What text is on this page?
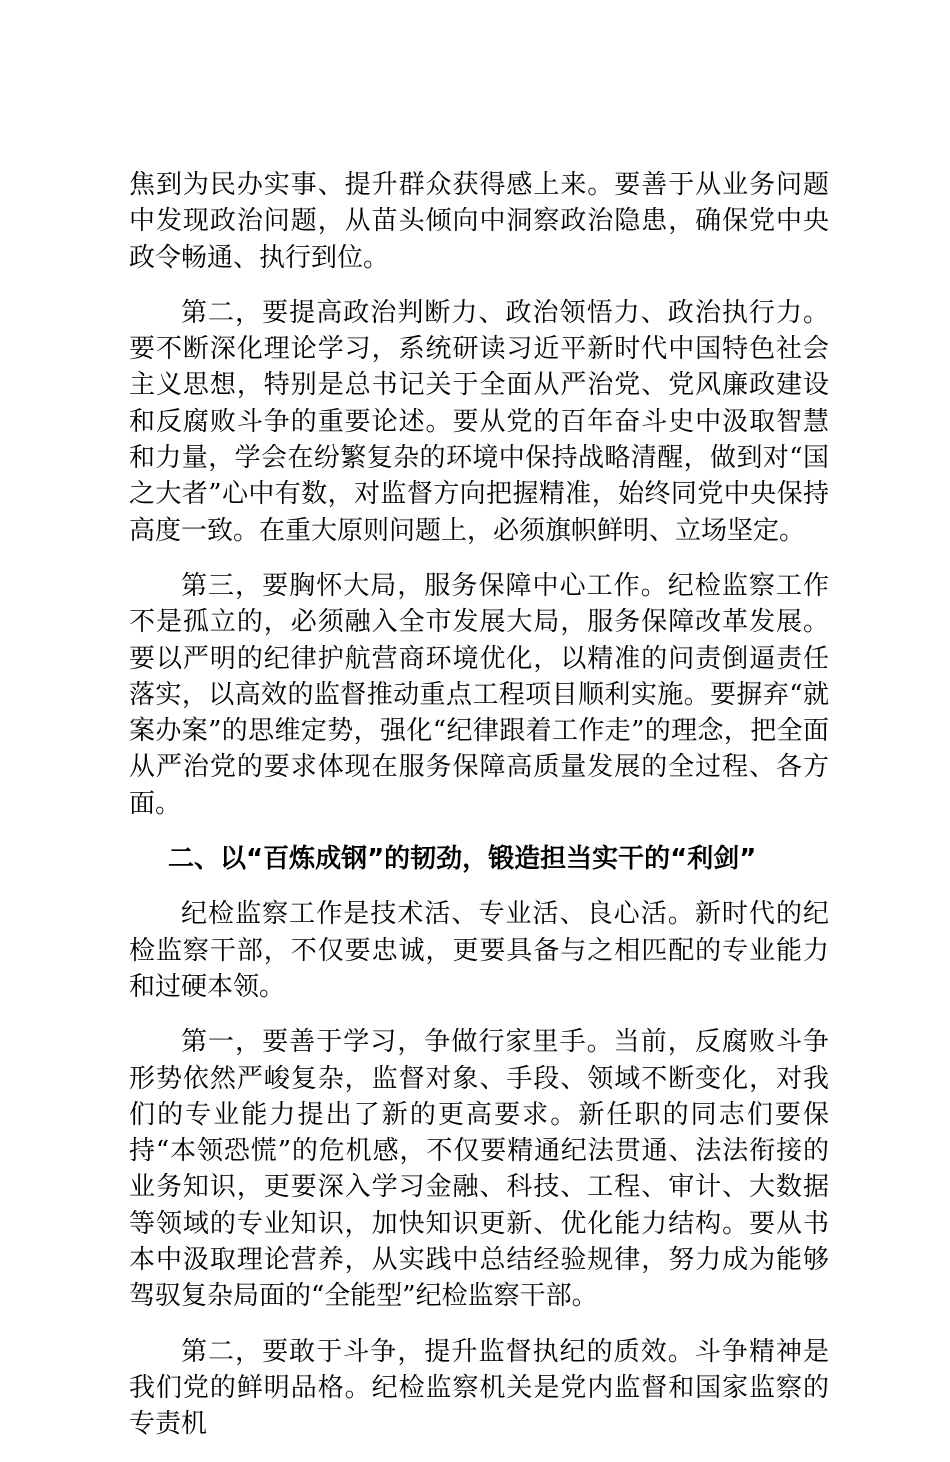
焦到为民办实事、提升群众获得感上来。要善于从业务问题中发现政治问题，从苗头倾向中洞察政治隐患，确保党中央政令畅通、执行到位。

第二，要提高政治判断力、政治领悟力、政治执行力。要不断深化理论学习，系统研读习近平新时代中国特色社会主义思想，特别是总书记关于全面从严治党、党风廉政建设和反腐败斗争的重要论述。要从党的百年奋斗史中汲取智慧和力量，学会在纷繁复杂的环境中保持战略清醒，做到对“国之大者”心中有数，对监督方向把握精准，始终同党中央保持高度一致。在重大原则问题上，必须旗帜鲜明、立场坚定。

第三，要胸怀大局，服务保障中心工作。纪检监察工作不是孤立的，必须融入全市发展大局，服务保障改革发展。要以严明的纪律护航营商环境优化，以精准的问责倒逼责任落实，以高效的监督推动重点工程项目顺利实施。要摒弃“就案办案”的思维定势，强化“纪律跟着工作走”的理念，把全面从严治党的要求体现在服务保障高质量发展的全过程、各方面。

二、以“百炼成钢”的韧劲，锻造担当实干的“利剑”

纪检监察工作是技术活、专业活、良心活。新时代的纪检监察干部，不仅要忠诚，更要具备与之相匹配的专业能力和过硬本领。

第一，要善于学习，争做行家里手。当前，反腐败斗争形势依然严峻复杂，监督对象、手段、领域不断变化，对我们的专业能力提出了新的更高要求。新任职的同志们要保持“本领恐慌”的危机感，不仅要精通纪法贯通、法法衔接的业务知识，更要深入学习金融、科技、工程、审计、大数据等领域的专业知识，加快知识更新、优化能力结构。要从书本中汲取理论营养，从实践中总结经验规律，努力成为能够驾驭复杂局面的“全能型”纪检监察干部。

第二，要敢于斗争，提升监督执纪的质效。斗争精神是我们党的鲜明品格。纪检监察机关是党内监督和国家监察的专责机
